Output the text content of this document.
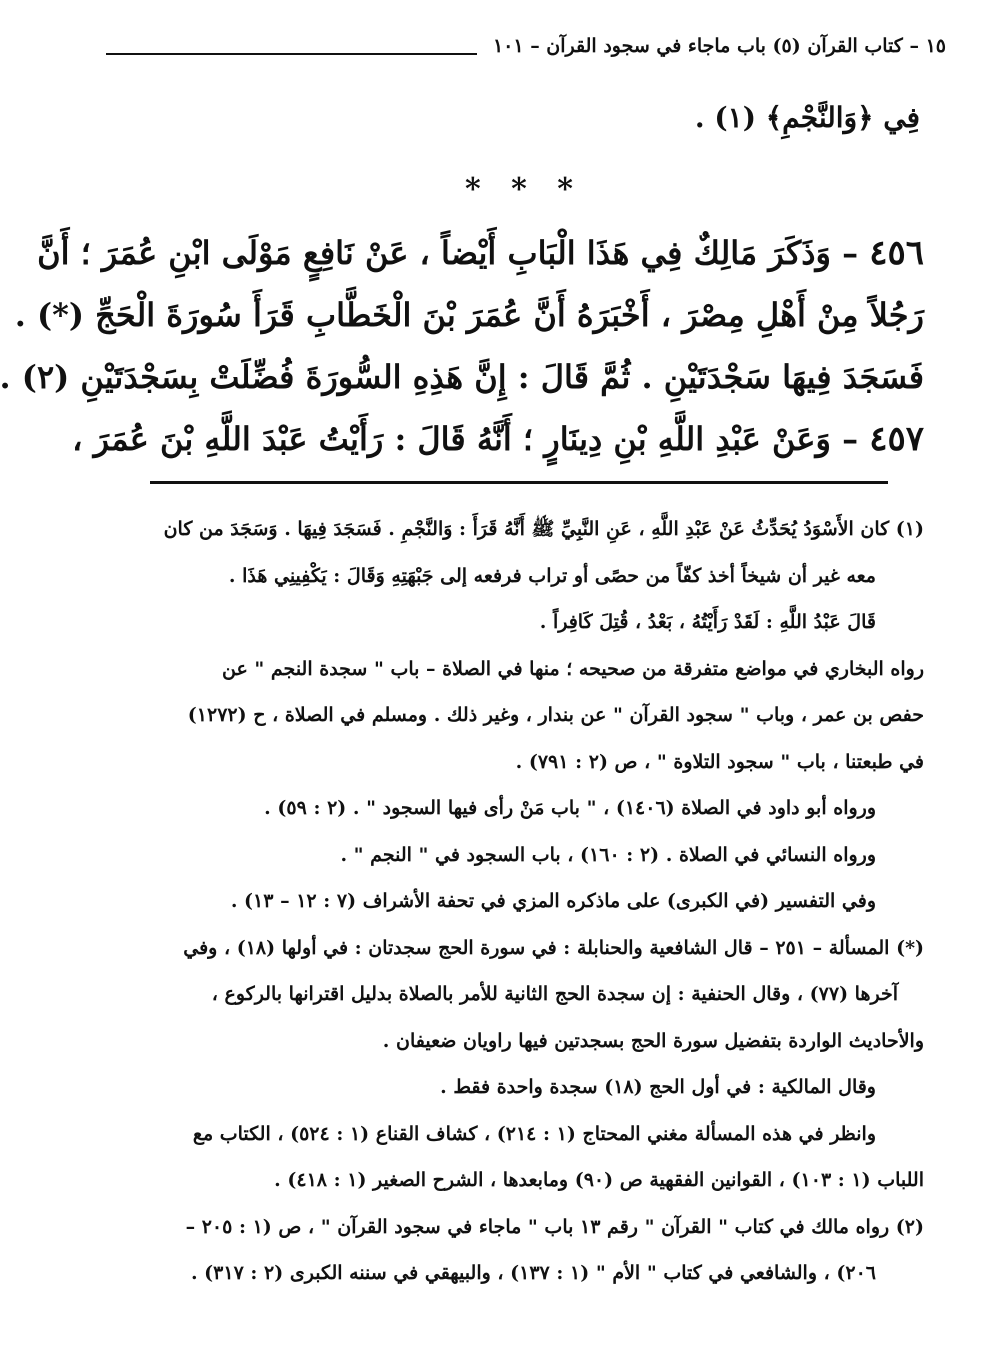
١٥ – كتاب القرآن (٥) باب ماجاء في سجود القرآن – ١٠١
فِي ﴿وَالنَّجْمِ﴾ (١) .
* * *
٤٥٦ – وَذَكَرَ مَالِكٌ فِي هَذَا الْبَابِ أَيْضاً ، عَنْ نَافِعٍ مَوْلَى ابْنِ عُمَرَ ؛ أَنَّ
رَجُلاً مِنْ أَهْلِ مِصْرَ ، أَخْبَرَهُ أَنَّ عُمَرَ بْنَ الْخَطَّابِ قَرَأَ سُورَةَ الْحَجِّ (*) .
فَسَجَدَ فِيهَا سَجْدَتَيْنِ . ثُمَّ قَالَ : إِنَّ هَذِهِ السُّورَةَ فُضِّلَتْ بِسَجْدَتَيْنِ (٢) .
٤٥٧ – وَعَنْ عَبْدِ اللَّهِ بْنِ دِينَارٍ ؛ أَنَّهُ قَالَ : رَأَيْتُ عَبْدَ اللَّهِ بْنَ عُمَرَ ،
(١) كان الأَسْوَدُ يُحَدِّثُ عَنْ عَبْدِ اللَّهِ ، عَنِ النَّبِيِّ ﷺ أَنَّهُ قَرَأَ : وَالنَّجْمِ . فَسَجَدَ فِيهَا . وَسَجَدَ من كان
معه غير أن شيخاً أخذ كفّاً من حصًى أو تراب فرفعه إلى جَبْهَتِهِ وَقَالَ : يَكْفِينِي هَذَا .
قَالَ عَبْدُ اللَّهِ : لَقَدْ رَأَيْتُهُ ، بَعْدُ ، قُتِلَ كَافِراً .
رواه البخاري في مواضع متفرقة من صحيحه ؛ منها في الصلاة – باب " سجدة النجم " عن
حفص بن عمر ، وباب " سجود القرآن " عن بندار ، وغير ذلك . ومسلم في الصلاة ، ح (١٢٧٢)
في طبعتنا ، باب " سجود التلاوة " ، ص (٢ : ٧٩١) .
ورواه أبو داود في الصلاة (١٤٠٦) ، " باب مَنْ رأى فيها السجود " . (٢ : ٥٩) .
ورواه النسائي في الصلاة . (٢ : ١٦٠) ، باب السجود في " النجم " .
وفي التفسير (في الكبرى) على ماذكره المزي في تحفة الأشراف (٧ : ١٢ – ١٣) .
(*) المسألة – ٢٥١ – قال الشافعية والحنابلة : في سورة الحج سجدتان : في أولها (١٨) ، وفي
آخرها (٧٧) ، وقال الحنفية : إن سجدة الحج الثانية للأمر بالصلاة بدليل اقترانها بالركوع ،
والأحاديث الواردة بتفضيل سورة الحج بسجدتين فيها راويان ضعيفان .
وقال المالكية : في أول الحج (١٨) سجدة واحدة فقط .
وانظر في هذه المسألة مغني المحتاج (١ : ٢١٤) ، كشاف القناع (١ : ٥٢٤) ، الكتاب مع
اللباب (١ : ١٠٣) ، القوانين الفقهية ص (٩٠) ومابعدها ، الشرح الصغير (١ : ٤١٨) .
(٢) رواه مالك في كتاب " القرآن " رقم ١٣ باب " ماجاء في سجود القرآن " ، ص (١ : ٢٠٥ –
٢٠٦) ، والشافعي في كتاب " الأم " (١ : ١٣٧) ، والبيهقي في سننه الكبرى (٢ : ٣١٧) .
